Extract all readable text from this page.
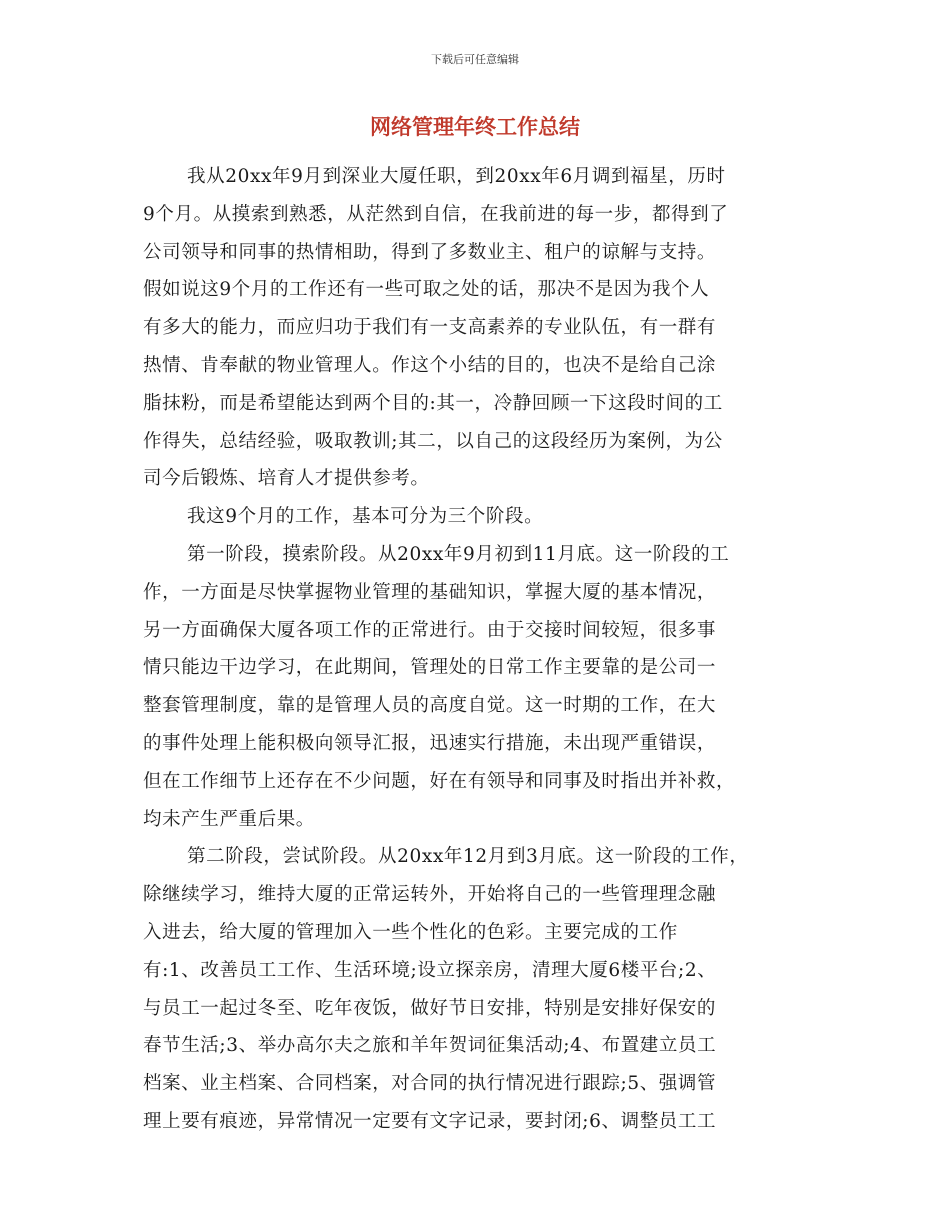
下载后可任意编辑
网络管理年终工作总结
我从20xx年9月到深业大厦任职，到20xx年6月调到福星，历时
9个月。从摸索到熟悉，从茫然到自信，在我前进的每一步，都得到了
公司领导和同事的热情相助，得到了多数业主、租户的谅解与支持。
假如说这9个月的工作还有一些可取之处的话，那决不是因为我个人
有多大的能力，而应归功于我们有一支高素养的专业队伍，有一群有
热情、肯奉献的物业管理人。作这个小结的目的，也决不是给自己涂
脂抹粉，而是希望能达到两个目的:其一，冷静回顾一下这段时间的工
作得失，总结经验，吸取教训;其二，以自己的这段经历为案例，为公
司今后锻炼、培育人才提供参考。
我这9个月的工作，基本可分为三个阶段。
第一阶段，摸索阶段。从20xx年9月初到11月底。这一阶段的工
作，一方面是尽快掌握物业管理的基础知识，掌握大厦的基本情况，
另一方面确保大厦各项工作的正常进行。由于交接时间较短，很多事
情只能边干边学习，在此期间，管理处的日常工作主要靠的是公司一
整套管理制度，靠的是管理人员的高度自觉。这一时期的工作，在大
的事件处理上能积极向领导汇报，迅速实行措施，未出现严重错误，
但在工作细节上还存在不少问题，好在有领导和同事及时指出并补救，
均未产生严重后果。
第二阶段，尝试阶段。从20xx年12月到3月底。这一阶段的工作，
除继续学习，维持大厦的正常运转外，开始将自己的一些管理理念融
入进去，给大厦的管理加入一些个性化的色彩。主要完成的工作
有:1、改善员工工作、生活环境;设立探亲房，清理大厦6楼平台;2、
与员工一起过冬至、吃年夜饭，做好节日安排，特别是安排好保安的
春节生活;3、举办高尔夫之旅和羊年贺词征集活动;4、布置建立员工
档案、业主档案、合同档案，对合同的执行情况进行跟踪;5、强调管
理上要有痕迹，异常情况一定要有文字记录，要封闭;6、调整员工工
